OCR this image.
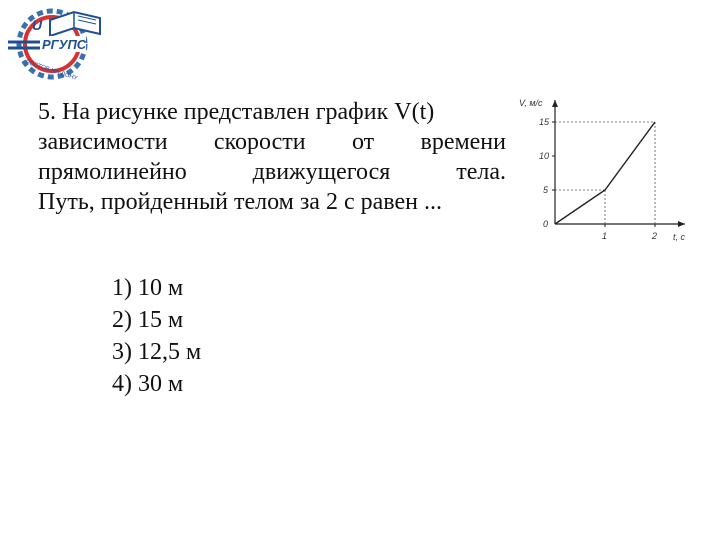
U
РГУПС
РОСТОВ-НА-ДОНУ
5. На рисунке представлен график V(t)
зависимости скорости от времени
прямолинейно движущегося тела.
Путь, пройденный телом за 2 с равен ...
1) 10 м
2) 15 м
3) 12,5 м
4) 30 м
V, м/с
t, с
0
1	2
5
10
15
